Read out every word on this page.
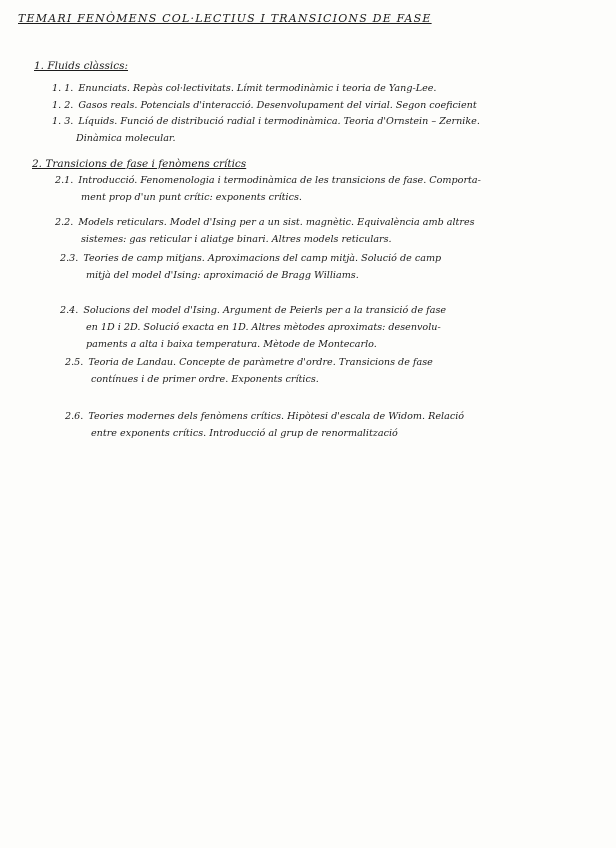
TEMARI FENÒMENS COL·LECTIUS I TRANSICIONS DE FASE
1. Fluids clàssics:
1. 1. Enunciats. Repàs col·lectivitats. Límit termodinàmic i teoria de Yang-Lee.
1. 2. Gasos reals. Potencials d'interacció. Desenvolupament del virial. Segon coeficient
1. 3. Líquids. Funció de distribució radial i termodinàmica. Teoria d'Ornstein – Zernike.
Dinàmica molecular.
2. Transicions de fase i fenòmens crítics
2.1. Introducció. Fenomenologia i termodinàmica de les transicions de fase. Comporta-
ment prop d'un punt crític: exponents crítics.
2.2. Models reticulars. Model d'Ising per a un sist. magnètic. Equivalència amb altres
sistemes: gas reticular i aliatge binari. Altres models reticulars.
2.3. Teories de camp mitjans. Aproximacions del camp mitjà. Solució de camp
mitjà del model d'Ising: aproximació de Bragg Williams.
2.4. Solucions del model d'Ising. Argument de Peierls per a la transició de fase
en 1D i 2D. Solució exacta en 1D. Altres mètodes aproximats: desenvolu-
paments a alta i baixa temperatura. Mètode de Montecarlo.
2.5. Teoria de Landau. Concepte de paràmetre d'ordre. Transicions de fase
contínues i de primer ordre. Exponents crítics.
2.6. Teories modernes dels fenòmens crítics. Hipòtesi d'escala de Widom. Relació
entre exponents crítics. Introducció al grup de renormalització
